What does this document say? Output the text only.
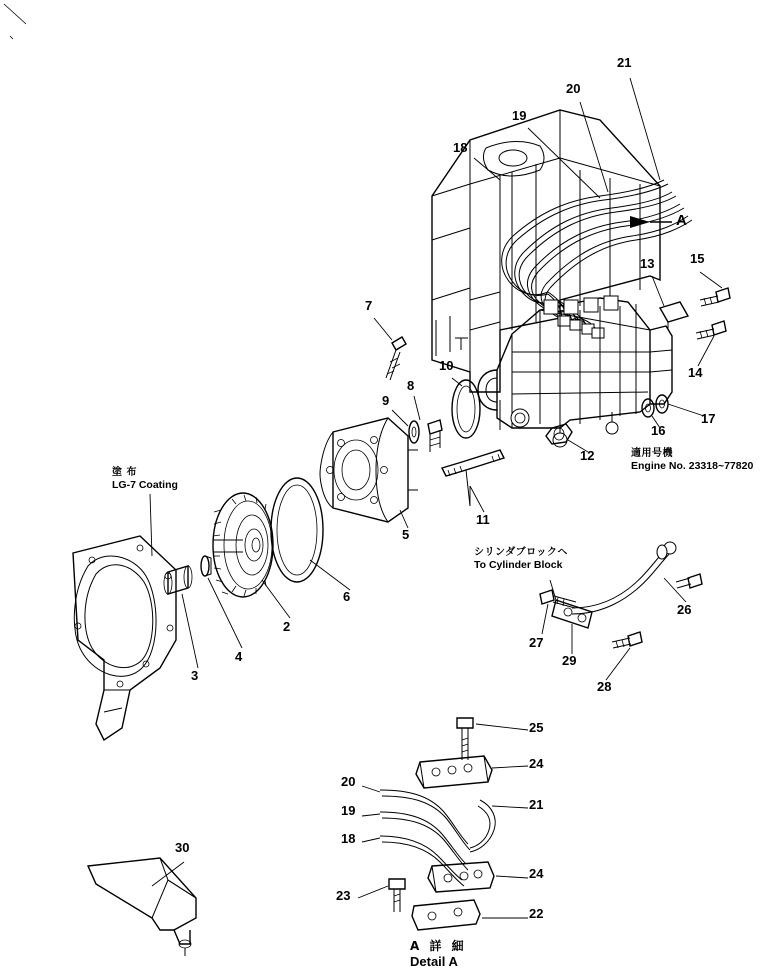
21
20
19
18
13	15
14
17
16
7
8
9
10
12
11
5
6
2
4
3
26
27
29
28
25
24
20
21
19
18
24
23
22
30
A
塗 布
LG-7 Coating
シリンダブロックヘ
To Cylinder Block
適用号機
Engine No. 23318~77820
A 詳 細
Detail A
